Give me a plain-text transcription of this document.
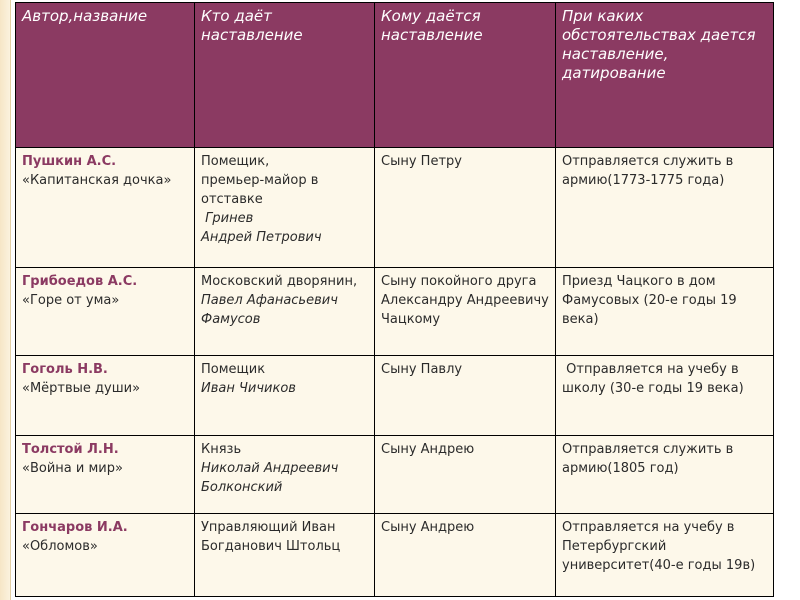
Автор,название	Кто даёт наставление	Кому даётся наставление	При каких обстоятельствах дается наставление, датирование

Пушкин А.С.
«Капитанская дочка»	Помещик,
премьер-майор в отставке
Гринев
Андрей Петрович	Сыну Петру	Отправляется служить в армию(1773-1775 года)

Грибоедов А.С.
«Горе от ума»	Московский дворянин, Павел Афанасьевич Фамусов	Сыну покойного друга Александру Андреевичу Чацкому	Приезд Чацкого в дом Фамусовых (20-е годы 19 века)

Гоголь Н.В.
«Мёртвые души»	Помещик
Иван Чичиков	Сыну Павлу	Отправляется на учебу в школу (30-е годы 19 века)

Толстой Л.Н.
«Война и мир»	Князь
Николай Андреевич Болконский	Сыну Андрею	Отправляется служить в армию(1805 год)

Гончаров И.А.
«Обломов»	Управляющий Иван Богданович Штольц	Сыну Андрею	Отправляется на учебу в Петербургский университет(40-е годы 19в)
